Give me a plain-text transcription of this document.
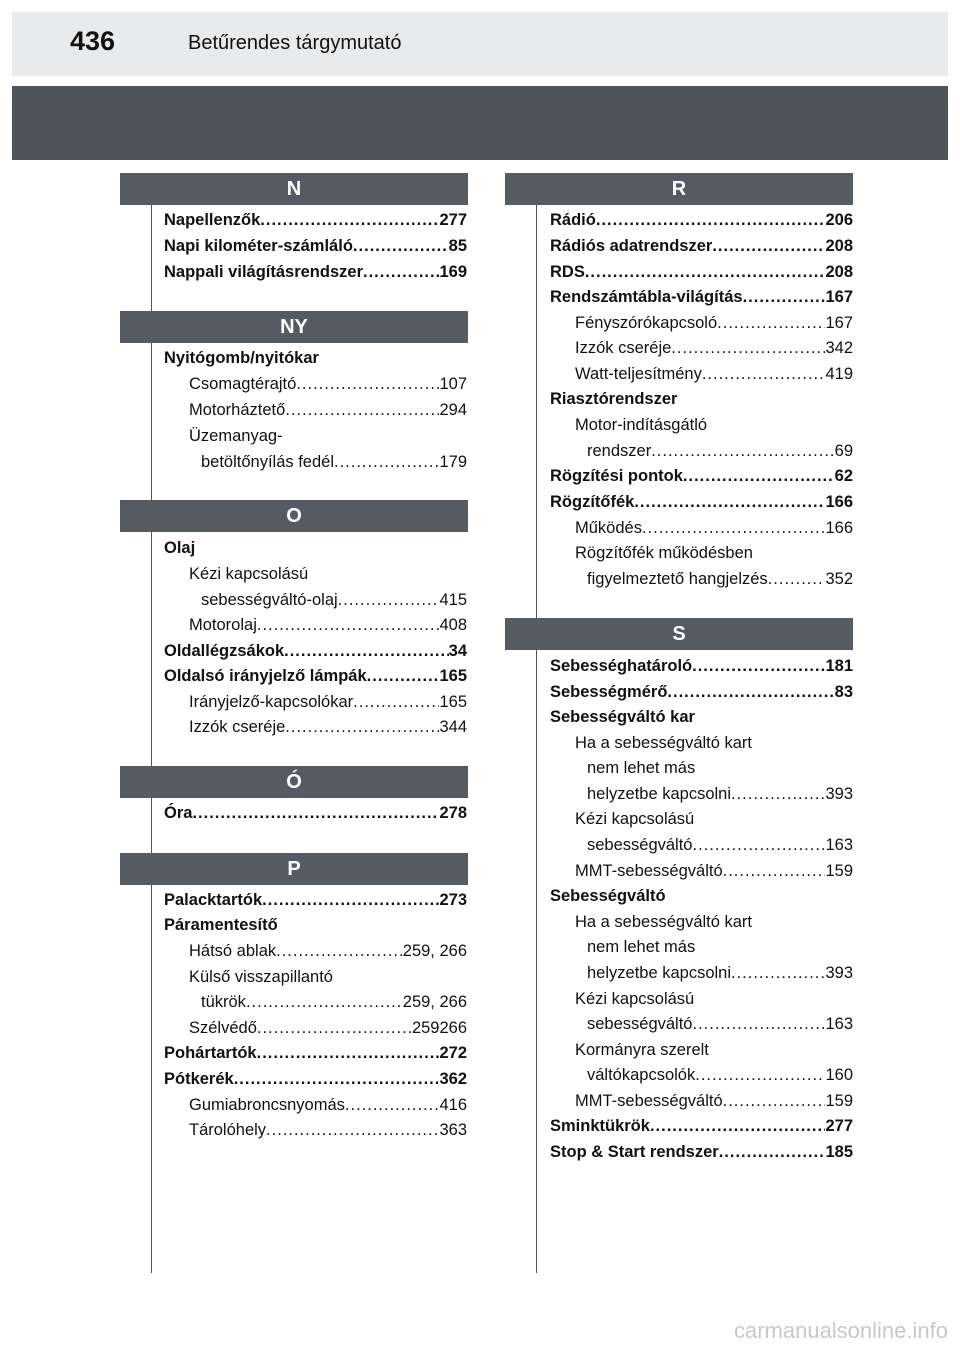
436	Betűrendes tárgymutató
N
Napellenzők .....	277
Napi kilométer-számláló .....	85
Nappali világításrendszer .....	169
NY
Nyitógomb/nyitókar
Csomagtérajtó .....	107
Motorháztető .....	294
Üzemanyag-
betöltőnyílás fedél .....	179
O
Olaj
Kézi kapcsolású
sebességváltó-olaj .....	415
Motorolaj .....	408
Oldallégzsákok .....	34
Oldalsó irányjelző lámpák .....	165
Irányjelző-kapcsolókar .....	165
Izzók cseréje .....	344
Ó
Óra .....	278
P
Palacktartók .....	273
Páramentesítő
Hátsó ablak .....	259, 266
Külső visszapillantó
tükrök .....	259, 266
Szélvédő .....	259266
Pohártartók .....	272
Pótkerék .....	362
Gumiabroncsnyomás .....	416
Tárolóhely .....	363
R
Rádió .....	206
Rádiós adatrendszer .....	208
RDS .....	208
Rendszámtábla-világítás .....	167
Fényszórókapcsoló .....	167
Izzók cseréje .....	342
Watt-teljesítmény .....	419
Riasztórendszer
Motor-indításgátló
rendszer .....	69
Rögzítési pontok .....	62
Rögzítőfék .....	166
Működés .....	166
Rögzítőfék működésben
figyelmeztető hangjelzés .....	352
S
Sebességhatároló .....	181
Sebességmérő .....	83
Sebességváltó kar
Ha a sebességváltó kart
nem lehet más
helyzetbe kapcsolni .....	393
Kézi kapcsolású
sebességváltó .....	163
MMT-sebességváltó .....	159
Sebességváltó
Ha a sebességváltó kart
nem lehet más
helyzetbe kapcsolni .....	393
Kézi kapcsolású
sebességváltó .....	163
Kormányra szerelt
váltókapcsolók .....	160
MMT-sebességváltó .....	159
Sminktükrök .....	277
Stop & Start rendszer .....	185
carmanualsonline.info
